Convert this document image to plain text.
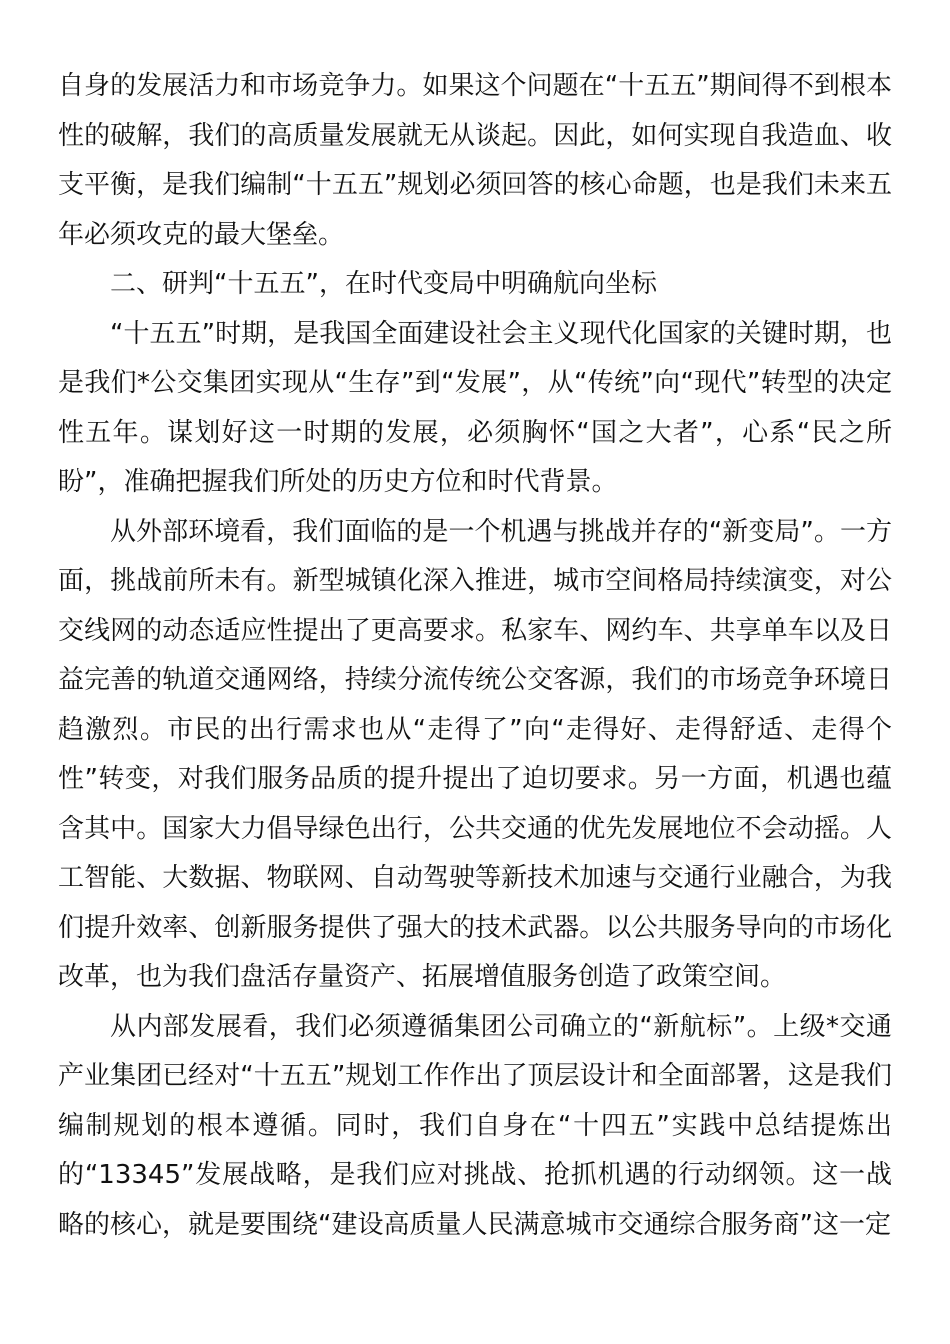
自身的发展活力和市场竞争力。如果这个问题在“十五五”期间得不到根本性的破解，我们的高质量发展就无从谈起。因此，如何实现自我造血、收支平衡，是我们编制“十五五”规划必须回答的核心命题，也是我们未来五年必须攻克的最大堡垒。

二、研判“十五五”，在时代变局中明确航向坐标

“十五五”时期，是我国全面建设社会主义现代化国家的关键时期，也是我们*公交集团实现从“生存”到“发展”，从“传统”向“现代”转型的决定性五年。谋划好这一时期的发展，必须胸怀“国之大者”，心系“民之所盼”，准确把握我们所处的历史方位和时代背景。

从外部环境看，我们面临的是一个机遇与挑战并存的“新变局”。一方面，挑战前所未有。新型城镇化深入推进，城市空间格局持续演变，对公交线网的动态适应性提出了更高要求。私家车、网约车、共享单车以及日益完善的轨道交通网络，持续分流传统公交客源，我们的市场竞争环境日趋激烈。市民的出行需求也从“走得了”向“走得好、走得舒适、走得个性”转变，对我们服务品质的提升提出了迫切要求。另一方面，机遇也蕴含其中。国家大力倡导绿色出行，公共交通的优先发展地位不会动摇。人工智能、大数据、物联网、自动驾驶等新技术加速与交通行业融合，为我们提升效率、创新服务提供了强大的技术武器。以公共服务导向的市场化改革，也为我们盘活存量资产、拓展增值服务创造了政策空间。

从内部发展看，我们必须遵循集团公司确立的“新航标”。上级*交通产业集团已经对“十五五”规划工作作出了顶层设计和全面部署，这是我们编制规划的根本遵循。同时，我们自身在“十四五”实践中总结提炼出的“13345”发展战略，是我们应对挑战、抢抓机遇的行动纲领。这一战略的核心，就是要围绕“建设高质量人民满意城市交通综合服务商”这一定
